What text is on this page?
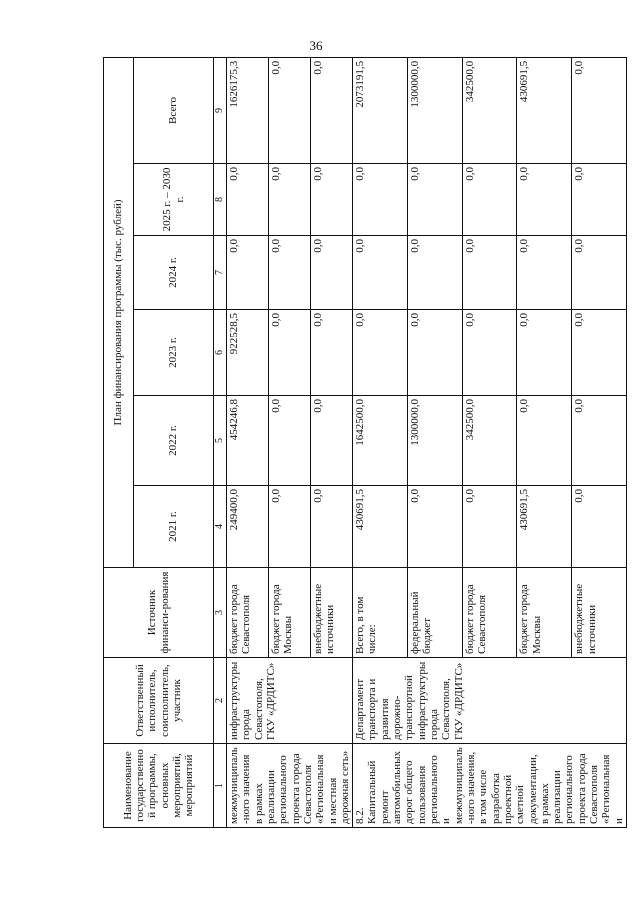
36
Наименование государственной программы, основных мероприятий, мероприятий	Ответственный исполнитель, соисполнитель, участник	Источник финанси-рования	План финансирования программы (тыс. рублей)					
			2021 г.	2022 г.	2023 г.	2024 г.	2025 г. – 2030 г.	Всего
1	2	3	4	5	6	7	8	9
межмуниципаль-ного значения в рамках реализации регионального проекта города Севастополя «Региональная и местная дорожная сеть»	инфраструктуры города Севастополя, ГКУ «ДРДИТС»	бюджет города Севастополя	249400,0	454246,8	922528,5	0,0	0,0	1626175,3
		бюджет города Москвы	0,0	0,0	0,0	0,0	0,0	0,0
		внебюджетные источники	0,0	0,0	0,0	0,0	0,0	0,0
8.2. Капитальный ремонт автомобильных дорог общего пользования регионального и межмуниципаль-ного значения, в том числе разработка проектной сметной документации, в рамках реализации регионального проекта города Севастополя «Региональная и	Департамент транспорта и развития дорожно-транспортной инфраструктуры города Севастополя, ГКУ «ДРДИТС»	Всего, в том числе:	430691,5	1642500,0	0,0	0,0	0,0	2073191,5
		федеральный бюджет	0,0	1300000,0	0,0	0,0	0,0	1300000,0
		бюджет города Севастополя	0,0	342500,0	0,0	0,0	0,0	342500,0
		бюджет города Москвы	430691,5	0,0	0,0	0,0	0,0	430691,5
		внебюджетные источники	0,0	0,0	0,0	0,0	0,0	0,0
